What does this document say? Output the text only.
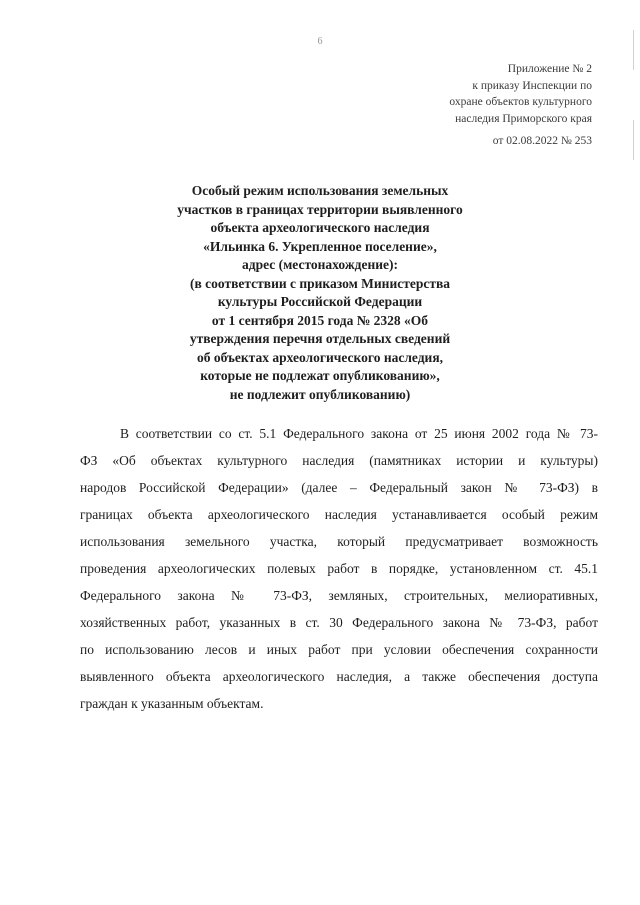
6
Приложение № 2
к приказу Инспекции по
охране объектов культурного
наследия Приморского края
от 02.08.2022 № 253
Особый режим использования земельных
участков в границах территории выявленного
объекта археологического наследия
«Ильинка 6. Укрепленное поселение»,
адрес (местонахождение):
(в соответствии с приказом Министерства
культуры Российской Федерации
от 1 сентября 2015 года № 2328 «Об
утверждения перечня отдельных сведений
об объектах археологического наследия,
которые не подлежат опубликованию»,
не подлежит опубликованию)
В соответствии со ст. 5.1 Федерального закона от 25 июня 2002 года № 73-
ФЗ «Об объектах культурного наследия (памятниках истории и культуры)
народов Российской Федерации» (далее – Федеральный закон № 73-ФЗ) в
границах объекта археологического наследия устанавливается особый режим
использования земельного участка, который предусматривает возможность
проведения археологических полевых работ в порядке, установленном ст. 45.1
Федерального закона № 73-ФЗ, земляных, строительных, мелиоративных,
хозяйственных работ, указанных в ст. 30 Федерального закона № 73-ФЗ, работ
по использованию лесов и иных работ при условии обеспечения сохранности
выявленного объекта археологического наследия, а также обеспечения доступа
граждан к указанным объектам.
